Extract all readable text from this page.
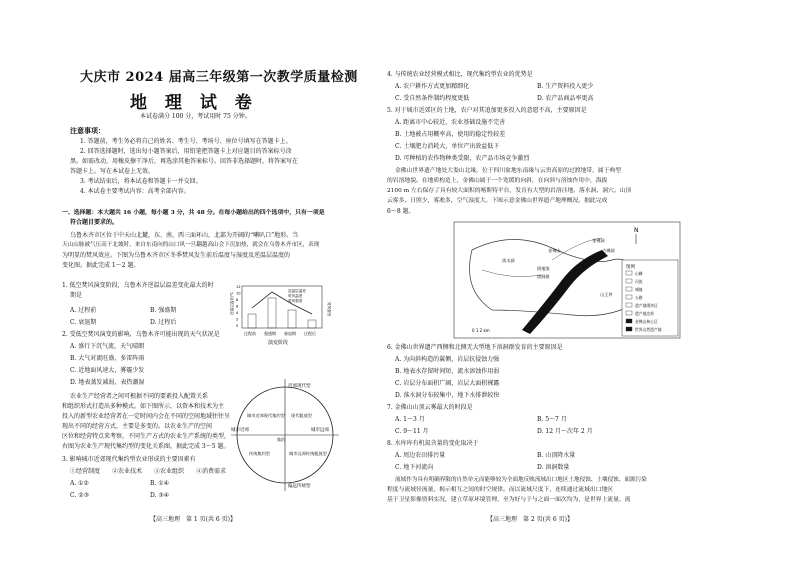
大庆市 2024 届高三年级第一次教学质量检测
地 理 试 卷
本试卷满分 100 分，考试用时 75 分钟。
注意事项：
1. 答题前，考生务必将自己的姓名、考生号、考场号、座位号填写在答题卡上。
2. 回答选择题时，选出每小题答案后，用铅笔把答题卡上对应题目的答案标号涂
黑。如需改动，用橡皮擦干净后，再选涂其他答案标号。回答非选择题时，将答案写在
答题卡上。写在本试卷上无效。
3. 考试结束后，将本试卷和答题卡一并交回。
4. 本试卷主要考试内容：高考全部内容。
一、选择题：本大题共 16 小题，每小题 3 分，共 48 分。在每小题给出的四个选项中，只有一项是
符合题目要求的。
乌鲁木齐市区位于中天山北麓，东、南、西三面环山，北部为开阔的“喇叭口”地形。当
天山山脉被气压高于北坡时，来自东南向的山口风一旦翻越高山会下沉加热，就会在乌鲁木齐市区，表现
为明显的焚风效应。下图为乌鲁木齐市区冬季焚风发生前后温度与湿度及逆温层温度的
变化图。据此完成 1～2 题。
1. 低空焚风演变阶段，乌鲁木齐逆温层温差变化最大的时
期是
A. 过程前	B. 强盛期
C. 衰退期	D. 过程后
12
10
8
6
4
2
0
过程前 强盛期 衰退期 过程后
演变阶段
逆温层温差
焚风温度
焚风强度
逆温层温差/℃	焚风强度
2. 受低空焚风演变的影响，乌鲁木齐可能出现的天气状况是
A. 盛行下沉气流，天气晴朗
B. 大气对流旺盛，多雷阵雨
C. 近地面风速大，雾霾少发
D. 地表蒸发减弱，表热潮湿
农业生产经营者之间可根据不同的要素投入配置关系
和组织形式打造出多种模式。如下图所示，以资本和技术为主
投入的新型农业经营者在一定时间内会在不同的空间地域往往呈
现出不同的经营方式，主要是多变的。以农业生产的空间
区位和经营特点来考察，不同生产方式的农业生产系统的类型，
右图为农业生产现代集约型的变化关系图，据此完成 3～5 题。
近郊现代型
偏远传统型
城市近郊	城市远郊
城市近郊现代集约型 现代粗放型
传统集约型	城市远郊传统粗放型
集约
3. 影响城市近郊现代集约型农业形成的主要因素有
①经营制度 ②农业技术 ③农业组织 ④消费需求
A. ①②	B. ①④
C. ②③	D. ③④
【高三地理　第 1 页(共 6 页)】
4. 与传统农业经营模式相比，现代集约型农业的优势是
A. 农户耕作方式更加精细化	B. 生产资料投入更少
C. 受自然条件制约程度更低	D. 农产品商品率更高
5. 对于城市近郊区的土地，农户对其追加更多投入的意愿不高，主要原因是
A. 距离市中心较近，农业基础设施不完善
B. 土地被占用概率高，使用的稳定性较差
C. 土壤肥力消耗大，单位产出效益低下
D. 可种植的农作物种类受限，农产品市场竞争激烈
金佛山世界遗产地处大娄山北缘，位于四川盆地东南缘与云贵高原的过渡地带，属于典型
的岩溶地貌。在地质构造上，金佛山属于一个宽缓的向斜，在向斜与溶蚀作用中，海拔
2100 m 左右保存了具有较大面积的喀斯特平台，发育有大型的岩溶洼地、落水洞、洞穴。山顶
云雾多，日照少，雾凇多，空气湿度大。下图示意金佛山世界遗产地理概况。据此完成
6～8 题。
N
金佛山
落水洞
阴地溶
溶洞群
金佛洞
古佛洞
山王坪
图例
山峰
河流
城镇
公路
遗产地缓冲区
遗产地边界
金佛山核心区
世界自然遗产地
0 1 2 km
6. 金佛山世界遗产西侧和北侧无大型地下溶洞群发育的主要原因是
A. 为向斜构造的翼侧，岩层抗侵蚀力强
B. 地表水存留时间短，流水溶蚀作用弱
C. 岩层分布面积广阔，岩层大面积裸露
D. 落水洞分布较集中，地下水排泄较快
7. 金佛山山顶云雾最大的时段是
A. 1～3 月	B. 5～7 月
C. 9～11 月	D. 12 月～次年 2 月
8. 水库库有机氮含量的变化取决于
A. 周边农田排污量	B. 山顶降水量
C. 地下河流向	D. 溶洞数量
流域作为具有明确界限的自然单元而能够较为全面地反映流域出口地区土地侵蚀、土壤侵蚀、面源污染
程度与流域径流量，揭示相互之间的时空规律。而以流域尺度下，连续通过流域出口地区
基于卫星影像资料实况，建立草原环境管理，至为好与于与之面一面次均为，是世界上流量、流
【高三地理　第 2 页(共 6 页)】
